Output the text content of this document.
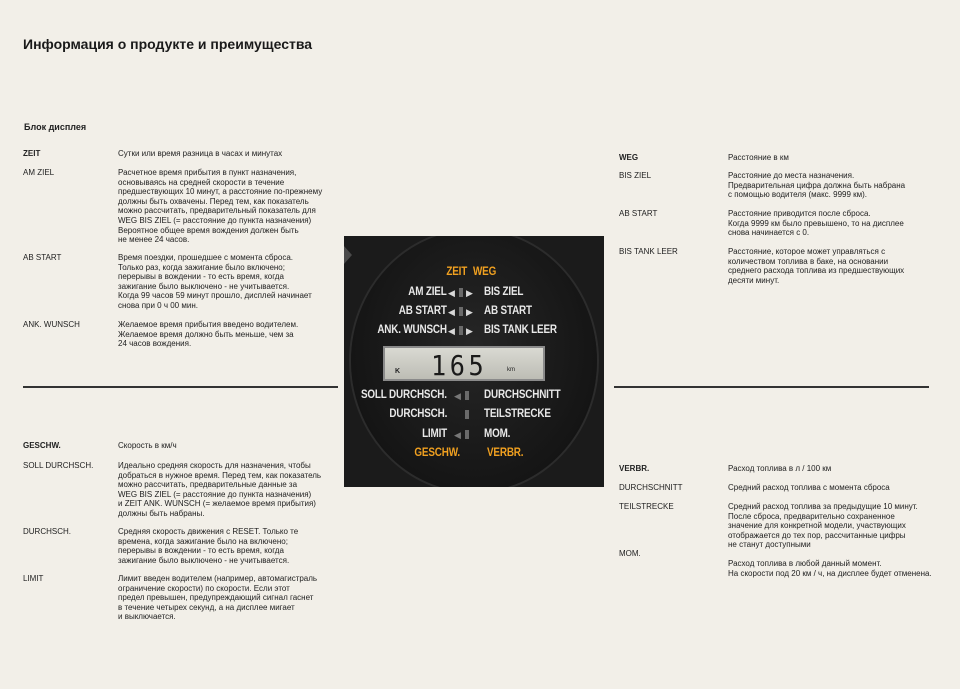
Информация о продукте и преимущества
Блок дисплея
ZEIT	Сутки или время разница в часах и минутах
AM ZIEL	Расчетное время прибытия в пункт назначения,
основываясь на средней скорости в течение
предшествующих 10 минут, а расстояние по-прежнему
должны быть охвачены. Перед тем, как показатель
можно рассчитать, предварительный показатель для
WEG BIS ZIEL (= расстояние до пункта назначения)
Вероятное общее время вождения должен быть
не менее 24 часов.
AB START	Время поездки, прошедшее с момента сброса.
Только раз, когда зажигание было включено;
перерывы в вождении - то есть время, когда
зажигание было выключено - не учитывается.
Когда 99 часов 59 минут прошло, дисплей начинает
снова при 0 ч 00 мин.
ANK. WUNSCH	Желаемое время прибытия введено водителем.
Желаемое время должно быть меньше, чем за
24 часов вождения.
GESCHW.	Скорость в км/ч
SOLL DURCHSCH.	Идеально средняя скорость для назначения, чтобы
добраться в нужное время. Перед тем, как показатель
можно рассчитать, предварительные данные за
WEG BIS ZIEL (= расстояние до пункта назначения)
и ZEIT ANK. WUNSCH (= желаемое время прибытия)
должны быть набраны.
DURCHSCH.	Средняя скорость движения с RESET. Только те
времена, когда зажигание было на включено;
перерывы в вождении - то есть время, когда
зажигание было выключено - не учитывается.
LIMIT	Лимит введен водителем (например, автомагистраль
ограничение скорости) по скорости. Если этот
предел превышен, предупреждающий сигнал гаснет
в течение четырех секунд, а на дисплее мигает
и выключается.
WEG	Расстояние в км
BIS ZIEL	Расстояние до места назначения.
Предварительная цифра должна быть набрана
с помощью водителя (макс. 9999 км).
AB START	Расстояние приводится после сброса.
Когда 9999 км было превышено, то на дисплее
снова начинается с 0.
BIS TANK LEER	Расстояние, которое может управляться с
количеством топлива в баке, на основании
среднего расхода топлива из предшествующих
десяти минут.
VERBR.	Расход топлива в л / 100 км
DURCHSCHNITT	Средний расход топлива с момента сброса
TEILSTRECKE	Средний расход топлива за предыдущие 10 минут.
После сброса, предварительно сохраненное
значение для конкретной модели, участвующих
отображается до тех пор, рассчитанные цифры
не станут доступными
MOM.
Расход топлива в любой данный момент.
На скорости под 20 км / ч, на дисплее будет отменена.
ZEIT WEG
AM ZIEL ◀ ▶ BIS ZIEL
AB START ◀ ▶ AB START
ANK. WUNSCH ◀ ▶ BIS TANK LEER
K 165	km
SOLL DURCHSCH. ◀ DURCHSCHNITT
DURCHSCH.	TEILSTRECKE
LIMIT ◀ MOM.
GESCHW. VERBR.
